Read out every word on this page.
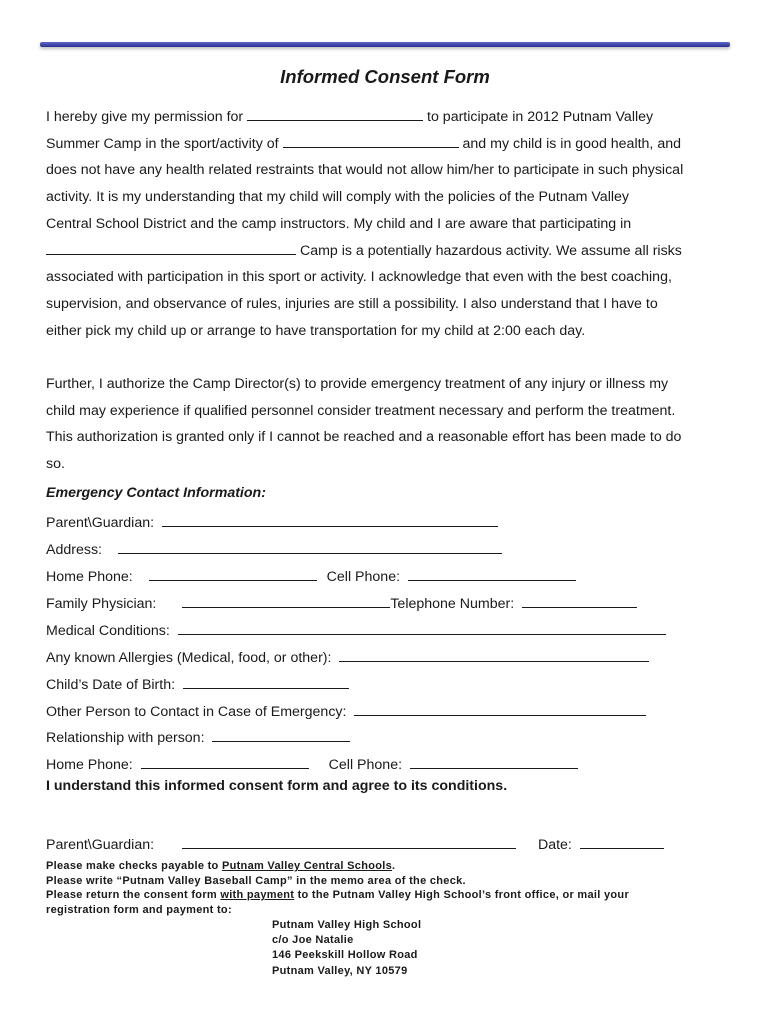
Informed Consent Form
I hereby give my permission for	to participate in 2012 Putnam Valley
Summer Camp in the sport/activity of	and my child is in good health, and
does not have any health related restraints that would not allow him/her to participate in such physical
activity. It is my understanding that my child will comply with the policies of the Putnam Valley
Central School District and the camp instructors. My child and I are aware that participating in
Camp is a potentially hazardous activity. We assume all risks
associated with participation in this sport or activity. I acknowledge that even with the best coaching,
supervision, and observance of rules, injuries are still a possibility. I also understand that I have to
either pick my child up or arrange to have transportation for my child at 2:00 each day.
Further, I authorize the Camp Director(s) to provide emergency treatment of any injury or illness my
child may experience if qualified personnel consider treatment necessary and perform the treatment.
This authorization is granted only if I cannot be reached and a reasonable effort has been made to do
so.
Emergency Contact Information:
Parent\Guardian:
Address:
Home Phone:	Cell Phone:
Family Physician:	Telephone Number:
Medical Conditions:
Any known Allergies (Medical, food, or other):
Child’s Date of Birth:
Other Person to Contact in Case of Emergency:
Relationship with person:
Home Phone:	Cell Phone:
I understand this informed consent form and agree to its conditions.
Parent\Guardian:	Date:
Please make checks payable to Putnam Valley Central Schools.
Please write “Putnam Valley Baseball Camp” in the memo area of the check.
Please return the consent form with payment to the Putnam Valley High School’s front office, or mail your
registration form and payment to:
Putnam Valley High School
c/o Joe Natalie
146 Peekskill Hollow Road
Putnam Valley, NY 10579
